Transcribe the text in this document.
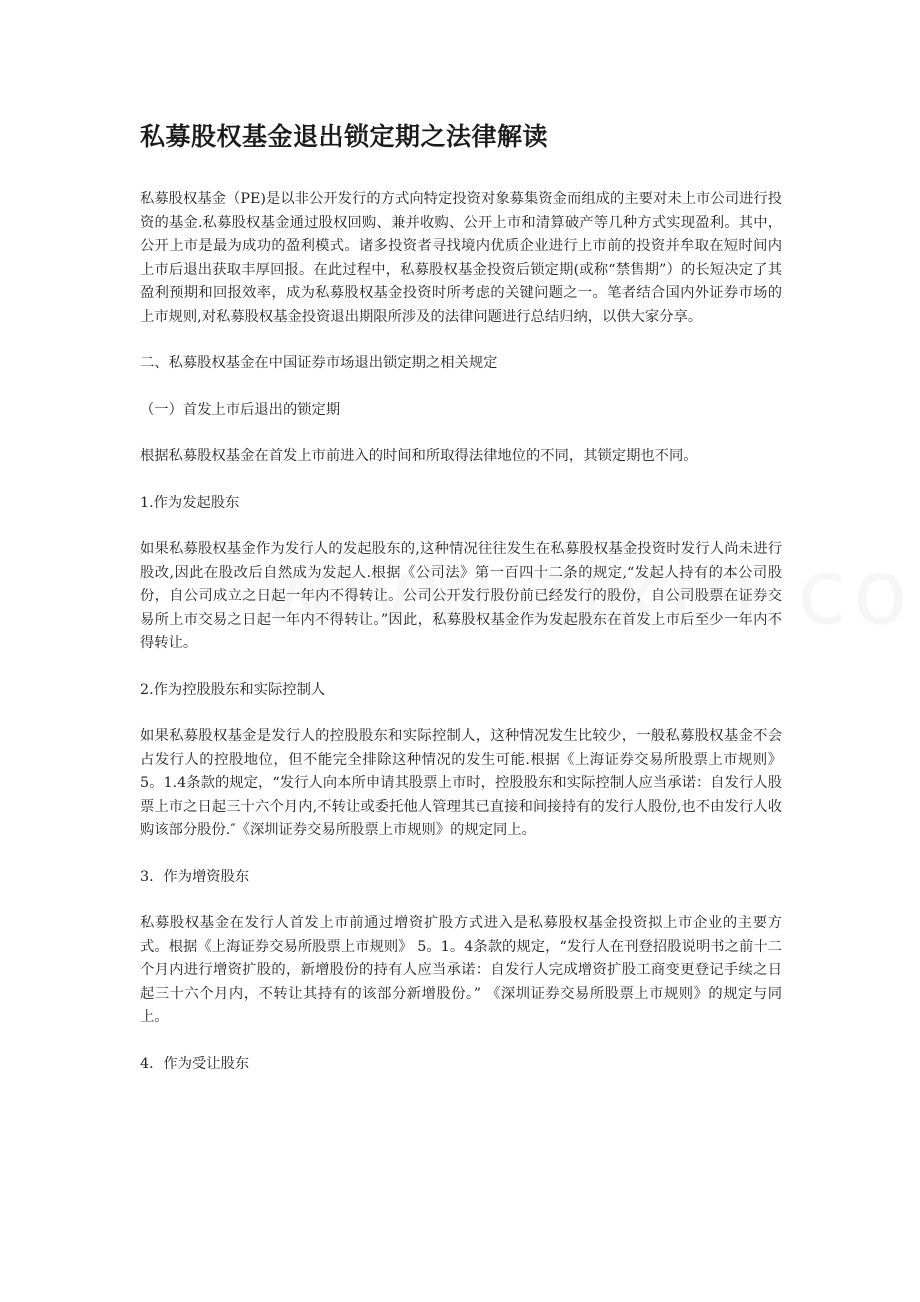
私募股权基金退出锁定期之法律解读

私募股权基金（PE)是以非公开发行的方式向特定投资对象募集资金而组成的主要对未上市公司进行投资的基金.私募股权基金通过股权回购、兼并收购、公开上市和清算破产等几种方式实现盈利。其中，公开上市是最为成功的盈利模式。诸多投资者寻找境内优质企业进行上市前的投资并牟取在短时间内上市后退出获取丰厚回报。在此过程中，私募股权基金投资后锁定期(或称“禁售期”）的长短决定了其盈利预期和回报效率，成为私募股权基金投资时所考虑的关键问题之一。笔者结合国内外证券市场的上市规则,对私募股权基金投资退出期限所涉及的法律问题进行总结归纳，以供大家分享。

二、私募股权基金在中国证券市场退出锁定期之相关规定

（一）首发上市后退出的锁定期

根据私募股权基金在首发上市前进入的时间和所取得法律地位的不同，其锁定期也不同。

1.作为发起股东

如果私募股权基金作为发行人的发起股东的,这种情况往往发生在私募股权基金投资时发行人尚未进行股改,因此在股改后自然成为发起人.根据《公司法》第一百四十二条的规定,“发起人持有的本公司股份，自公司成立之日起一年内不得转让。公司公开发行股份前已经发行的股份，自公司股票在证券交易所上市交易之日起一年内不得转让。”因此，私募股权基金作为发起股东在首发上市后至少一年内不得转让。

2.作为控股股东和实际控制人

如果私募股权基金是发行人的控股股东和实际控制人，这种情况发生比较少，一般私募股权基金不会占发行人的控股地位，但不能完全排除这种情况的发生可能.根据《上海证券交易所股票上市规则》 5。1.4条款的规定，“发行人向本所申请其股票上市时，控股股东和实际控制人应当承诺：自发行人股票上市之日起三十六个月内,不转让或委托他人管理其已直接和间接持有的发行人股份,也不由发行人收购该部分股份.″《深圳证券交易所股票上市规则》的规定同上。

3．作为增资股东

私募股权基金在发行人首发上市前通过增资扩股方式进入是私募股权基金投资拟上市企业的主要方式。根据《上海证券交易所股票上市规则》 5。1。4条款的规定，“发行人在刊登招股说明书之前十二个月内进行增资扩股的，新增股份的持有人应当承诺：自发行人完成增资扩股工商变更登记手续之日起三十六个月内，不转让其持有的该部分新增股份。” 《深圳证券交易所股票上市规则》的规定与同上。

4．作为受让股东
